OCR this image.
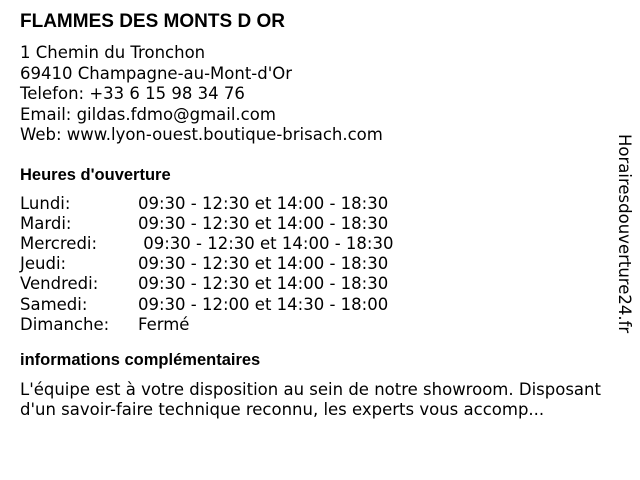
FLAMMES DES MONTS D OR
1 Chemin du Tronchon
69410 Champagne-au-Mont-d'Or
Telefon: +33 6 15 98 34 76
Email: gildas.fdmo@gmail.com
Web: www.lyon-ouest.boutique-brisach.com
Heures d'ouverture
Lundi:	09:30 - 12:30 et 14:00 - 18:30
Mardi:	09:30 - 12:30 et 14:00 - 18:30
Mercredi:	09:30 - 12:30 et 14:00 - 18:30
Jeudi:	09:30 - 12:30 et 14:00 - 18:30
Vendredi:	09:30 - 12:30 et 14:00 - 18:30
Samedi:	09:30 - 12:00 et 14:30 - 18:00
Dimanche:	Fermé
informations complémentaires
L'équipe est à votre disposition au sein de notre showroom. Disposant d'un savoir-faire technique reconnu, les experts vous accomp...
Horairesdouverture24.fr
